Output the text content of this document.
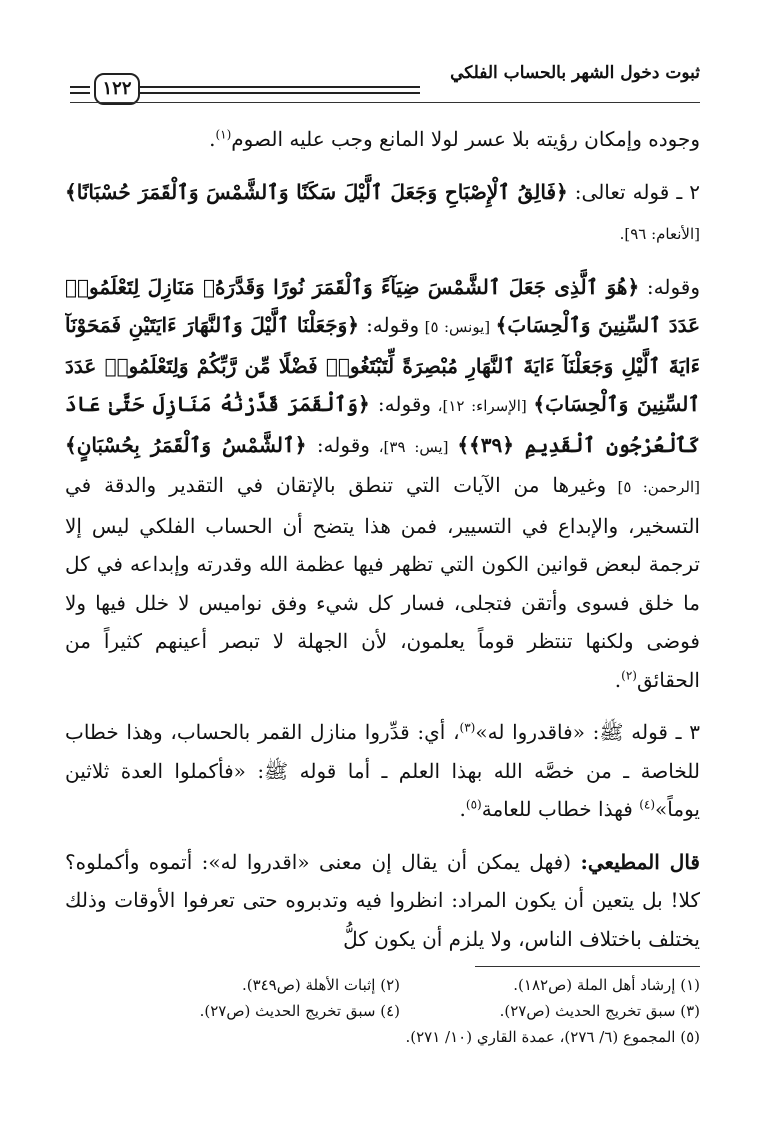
ثبوت دخول الشهر بالحساب الفلكي
١٢٢

وجوده وإمكان رؤيته بلا عسر لولا المانع وجب عليه الصوم$^{(١)}$.

٢ ـ قوله تعالى: ﴿فَالِقُ ٱلْإِصْبَاحِ وَجَعَلَ ٱلَّيْلَ سَكَنًا وَٱلشَّمْسَ وَٱلْقَمَرَ حُسْبَانًا﴾ [الأنعام: ٩٦].

وقوله: ﴿هُوَ ٱلَّذِى جَعَلَ ٱلشَّمْسَ ضِيَآءً وَٱلْقَمَرَ نُورًا وَقَدَّرَهُۥ مَنَازِلَ لِتَعْلَمُوا۟ عَدَدَ ٱلسِّنِينَ وَٱلْحِسَابَ﴾ [يونس: ٥] وقوله: ﴿وَجَعَلْنَا ٱلَّيْلَ وَٱلنَّهَارَ ءَايَتَيْنِ فَمَحَوْنَآ ءَايَةَ ٱلَّيْلِ وَجَعَلْنَآ ءَايَةَ ٱلنَّهَارِ مُبْصِرَةً لِّتَبْتَغُوا۟ فَضْلًا مِّن رَّبِّكُمْ وَلِتَعْلَمُوا۟ عَدَدَ ٱلسِّنِينَ وَٱلْحِسَابَ﴾ [الإسراء: ١٢]، وقوله: ﴿وَٱلْقَمَرَ قَدَّرْنَٰهُ مَنَازِلَ حَتَّىٰ عَادَ كَٱلْعُرْجُونِ ٱلْقَدِيمِ ﴿٣٩﴾﴾ [يس: ٣٩]، وقوله: ﴿ٱلشَّمْسُ وَٱلْقَمَرُ بِحُسْبَانٍ﴾ [الرحمن: ٥] وغيرها من الآيات التي تنطق بالإتقان في التقدير والدقة في التسخير، والإبداع في التسيير، فمن هذا يتضح أن الحساب الفلكي ليس إلا ترجمة لبعض قوانين الكون التي تظهر فيها عظمة الله وقدرته وإبداعه في كل ما خلق فسوى وأتقن فتجلى، فسار كل شيء وفق نواميس لا خلل فيها ولا فوضى ولكنها تنتظر قوماً يعلمون، لأن الجهلة لا تبصر أعينهم كثيراً من الحقائق$^{(٢)}$.

٣ ـ قوله ﷺ: «فاقدروا له»$^{(٣)}$، أي: قدِّروا منازل القمر بالحساب، وهذا خطاب للخاصة ـ من خصَّه الله بهذا العلم ـ أما قوله ﷺ: «فأكملوا العدة ثلاثين يوماً»$^{(٤)}$ فهذا خطاب للعامة$^{(٥)}$.

قال المطيعي: (فهل يمكن أن يقال إن معنى «اقدروا له»: أتموه وأكملوه؟ كلا! بل يتعين أن يكون المراد: انظروا فيه وتدبروه حتى تعرفوا الأوقات وذلك يختلف باختلاف الناس، ولا يلزم أن يكون كلُّ

(١) إرشاد أهل الملة (ص١٨٢).
(٢) إثبات الأهلة (ص٣٤٩).
(٣) سبق تخريج الحديث (ص٢٧).
(٤) سبق تخريج الحديث (ص٢٧).
(٥) المجموع (٦/ ٢٧٦)، عمدة القاري (١٠/ ٢٧١).
